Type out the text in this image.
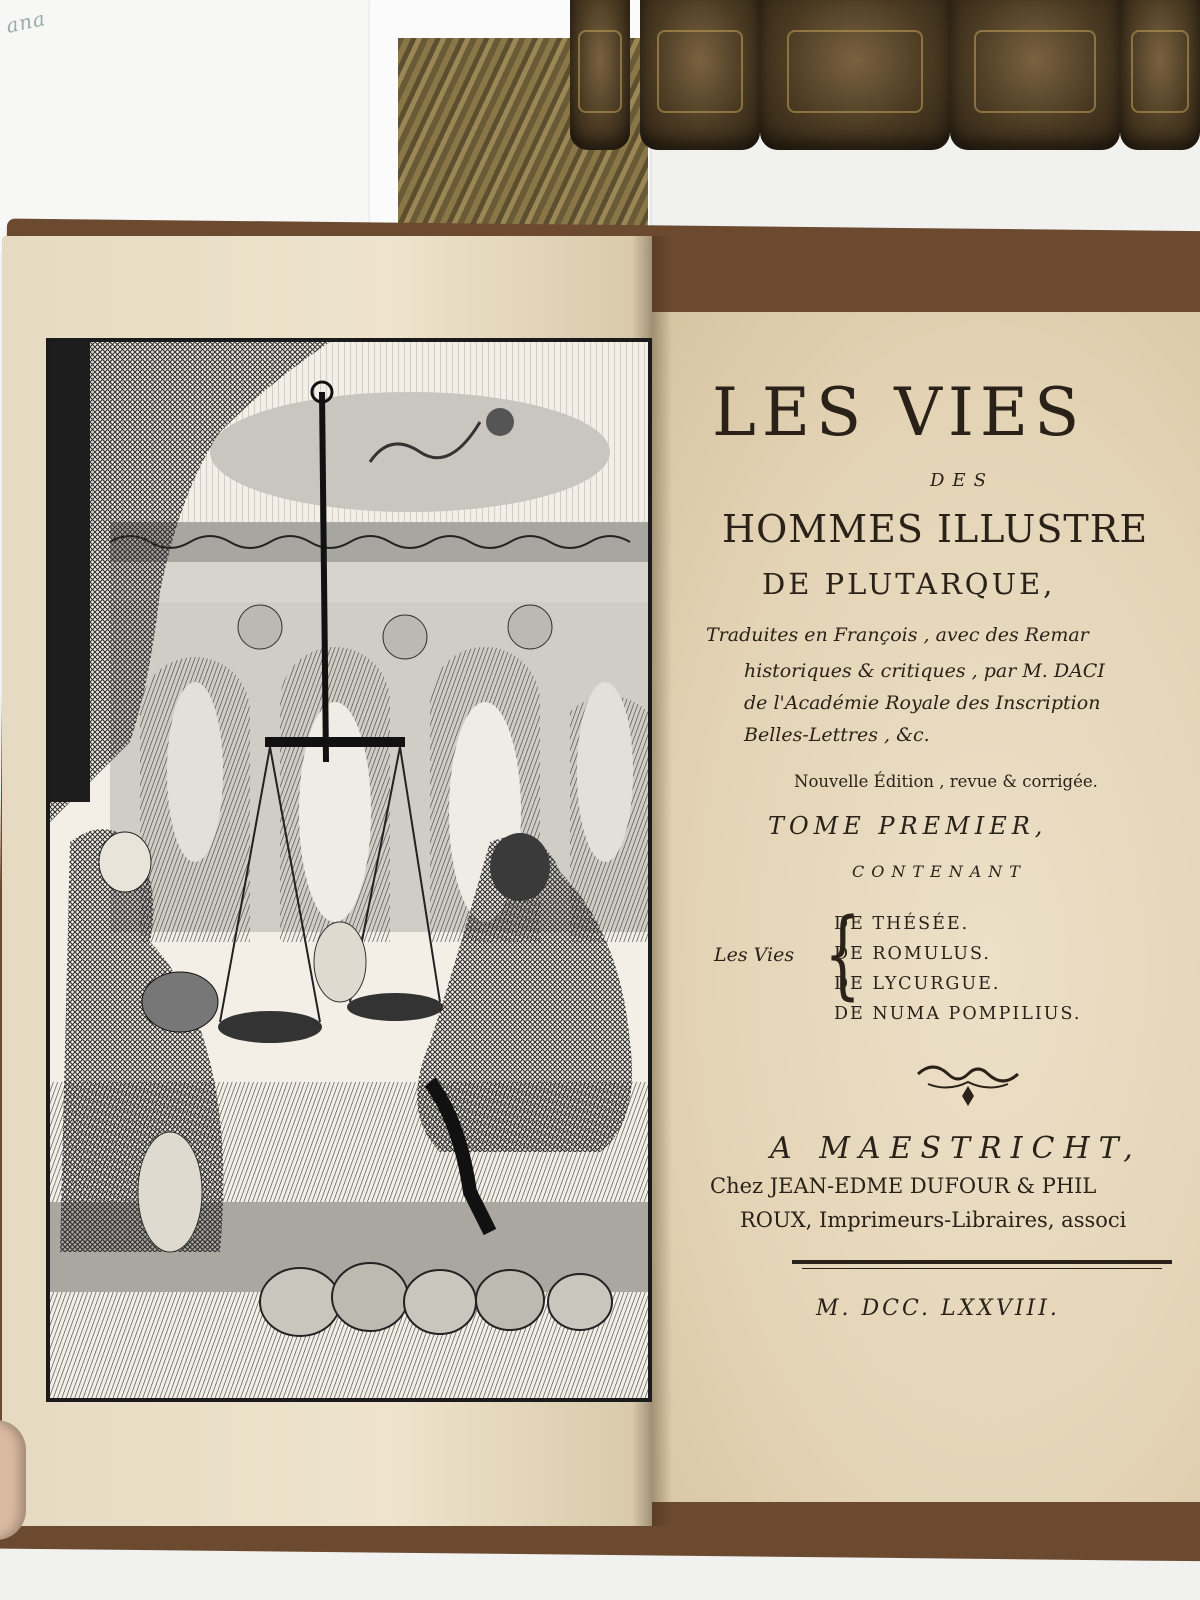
ana
LES VIES
DES
HOMMES ILLUSTRE
DE PLUTARQUE,
Traduites en François , avec des Remar
historiques & critiques , par M. DACI
de l'Académie Royale des Inscription
Belles-Lettres , &c.
Nouvelle Édition , revue & corrigée.
TOME PREMIER,
CONTENANT
Les Vies {
DE THÉSÉE.
DE ROMULUS.
DE LYCURGUE.
DE NUMA POMPILIUS.
A MAESTRICHT,
Chez JEAN-EDME DUFOUR & PHIL
ROUX, Imprimeurs-Libraires, associ
M. DCC. LXXVIII.
